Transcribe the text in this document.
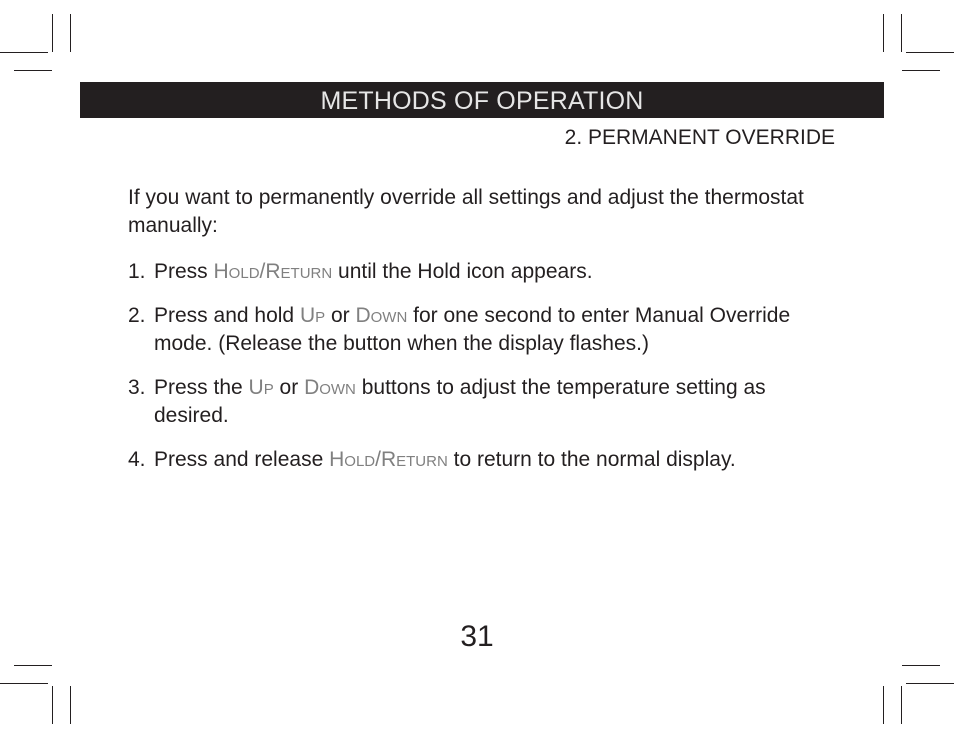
METHODS OF OPERATION
2. PERMANENT OVERRIDE

If you want to permanently override all settings and adjust the thermostat manually:

1. Press Hold/Return until the Hold icon appears.
2. Press and hold Up or Down for one second to enter Manual Override mode. (Release the button when the display flashes.)
3. Press the Up or Down buttons to adjust the temperature setting as desired.
4. Press and release Hold/Return to return to the normal display.
31
